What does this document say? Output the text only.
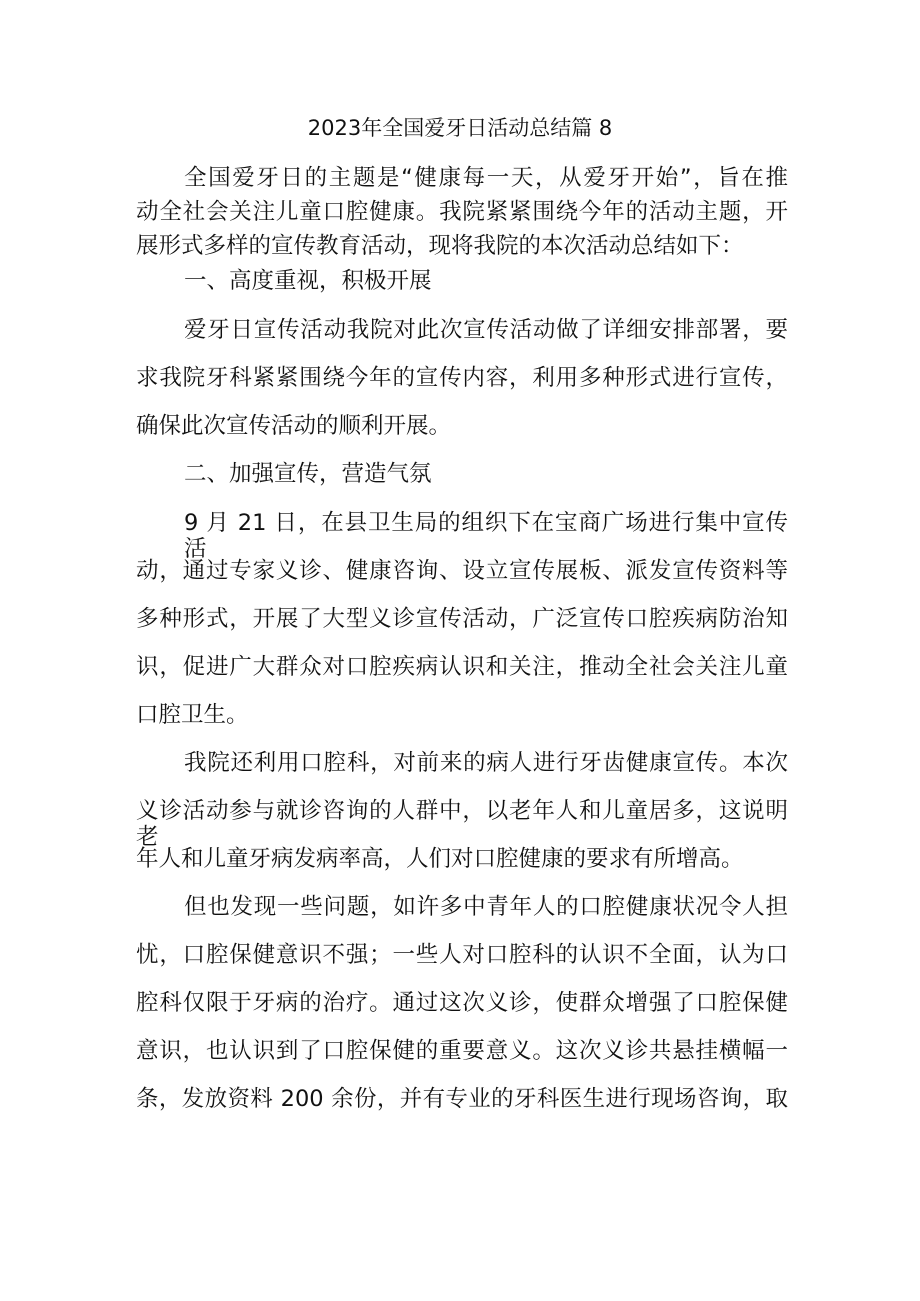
2023年全国爱牙日活动总结篇 8
全国爱牙日的主题是“健康每一天，从爱牙开始”，旨在推
动全社会关注儿童口腔健康。我院紧紧围绕今年的活动主题，开
展形式多样的宣传教育活动，现将我院的本次活动总结如下：
一、高度重视，积极开展
爱牙日宣传活动我院对此次宣传活动做了详细安排部署，要
求我院牙科紧紧围绕今年的宣传内容，利用多种形式进行宣传，
确保此次宣传活动的顺利开展。
二、加强宣传，营造气氛
9 月 21 日，在县卫生局的组织下在宝商广场进行集中宣传活
动，通过专家义诊、健康咨询、设立宣传展板、派发宣传资料等
多种形式，开展了大型义诊宣传活动，广泛宣传口腔疾病防治知
识，促进广大群众对口腔疾病认识和关注，推动全社会关注儿童
口腔卫生。
我院还利用口腔科，对前来的病人进行牙齿健康宣传。本次
义诊活动参与就诊咨询的人群中，以老年人和儿童居多，这说明老
年人和儿童牙病发病率高，人们对口腔健康的要求有所增高。
但也发现一些问题，如许多中青年人的口腔健康状况令人担
忧，口腔保健意识不强；一些人对口腔科的认识不全面，认为口
腔科仅限于牙病的治疗。通过这次义诊，使群众增强了口腔保健
意识，也认识到了口腔保健的重要意义。这次义诊共悬挂横幅一
条，发放资料 200 余份，并有专业的牙科医生进行现场咨询，取
